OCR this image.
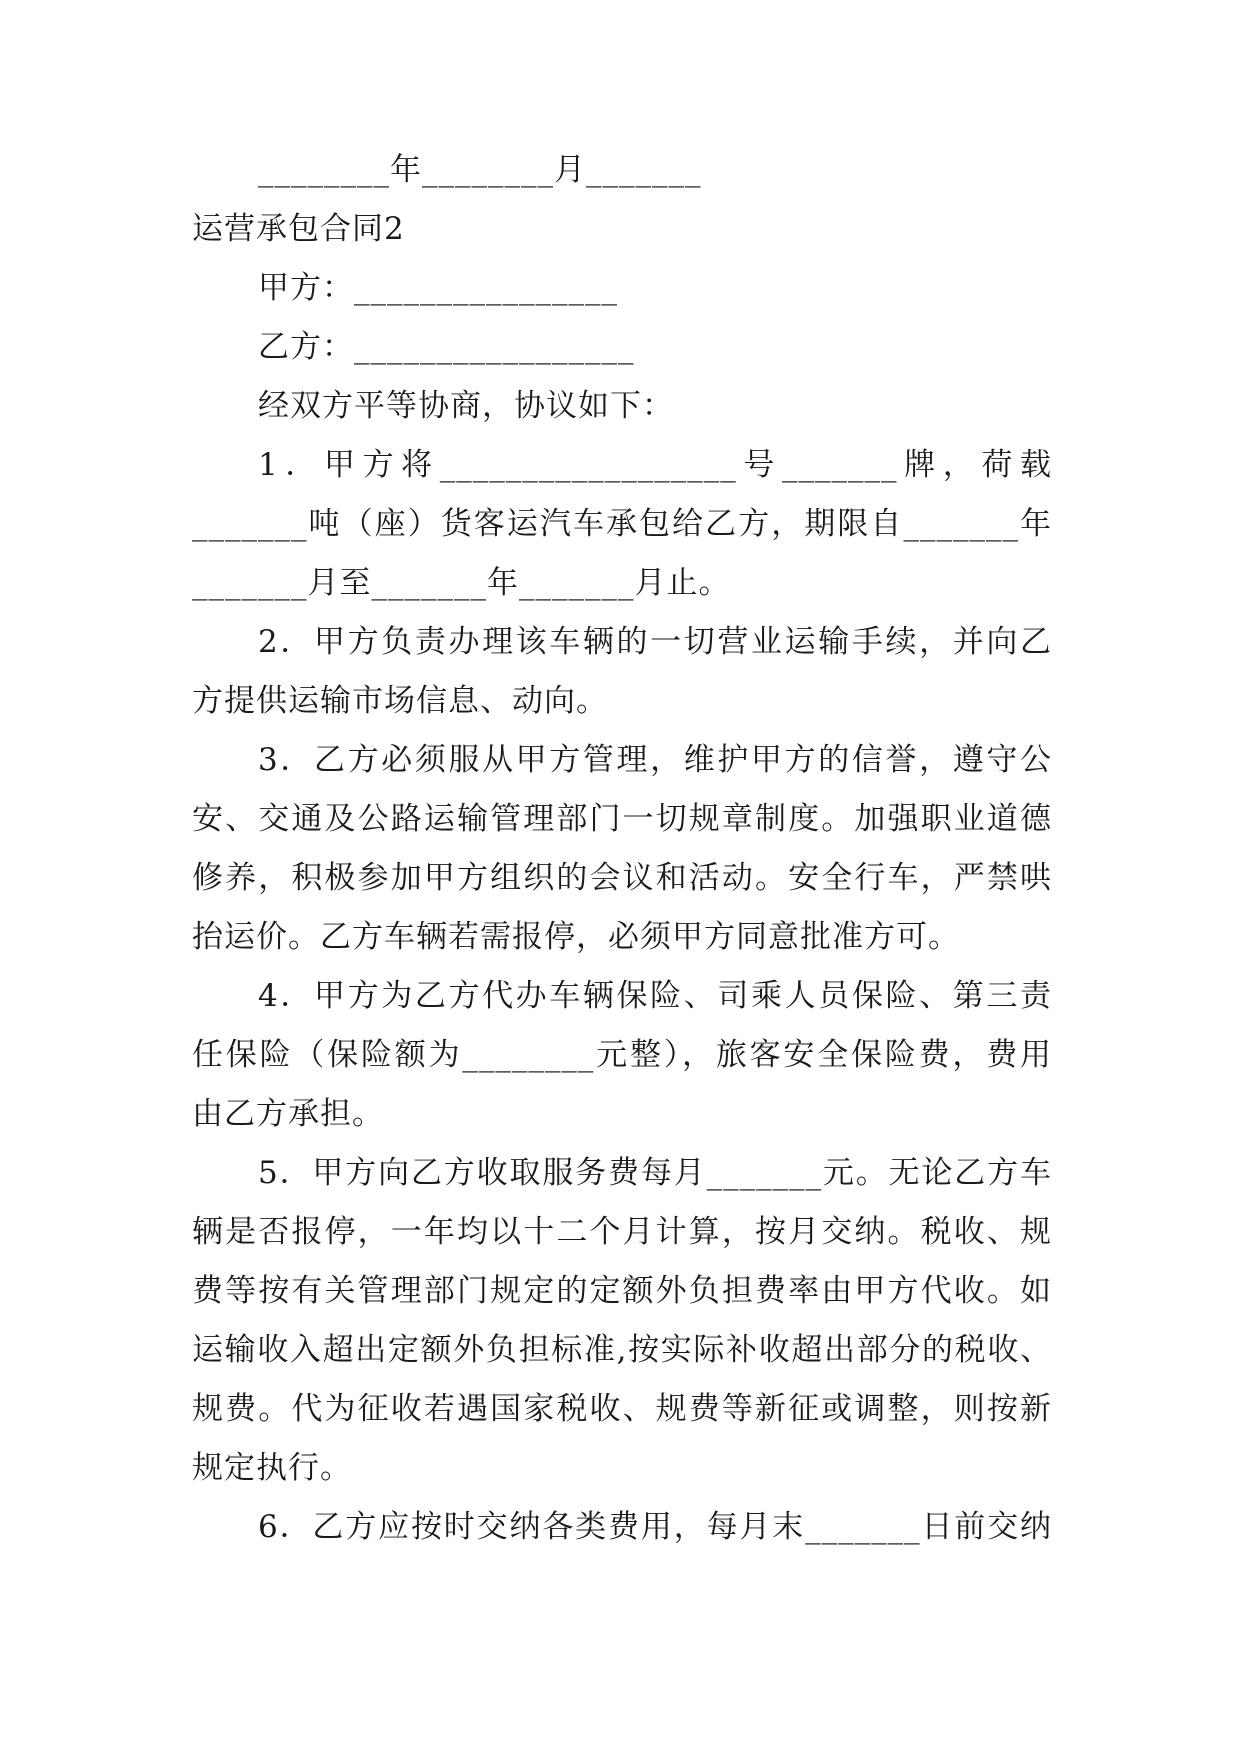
________年________月_______
运营承包合同2
甲方：________________
乙方：_________________
经双方平等协商，协议如下：
1．甲方将__________________号_______牌，荷载
_______吨（座）货客运汽车承包给乙方，期限自_______年
_______月至_______年_______月止。
2．甲方负责办理该车辆的一切营业运输手续，并向乙
方提供运输市场信息、动向。
3．乙方必须服从甲方管理，维护甲方的信誉，遵守公
安、交通及公路运输管理部门一切规章制度。加强职业道德
修养，积极参加甲方组织的会议和活动。安全行车，严禁哄
抬运价。乙方车辆若需报停，必须甲方同意批准方可。
4．甲方为乙方代办车辆保险、司乘人员保险、第三责
任保险（保险额为________元整），旅客安全保险费，费用
由乙方承担。
5．甲方向乙方收取服务费每月_______元。无论乙方车
辆是否报停，一年均以十二个月计算，按月交纳。税收、规
费等按有关管理部门规定的定额外负担费率由甲方代收。如
运输收入超出定额外负担标准,按实际补收超出部分的税收、
规费。代为征收若遇国家税收、规费等新征或调整，则按新
规定执行。
6．乙方应按时交纳各类费用，每月末_______日前交纳
